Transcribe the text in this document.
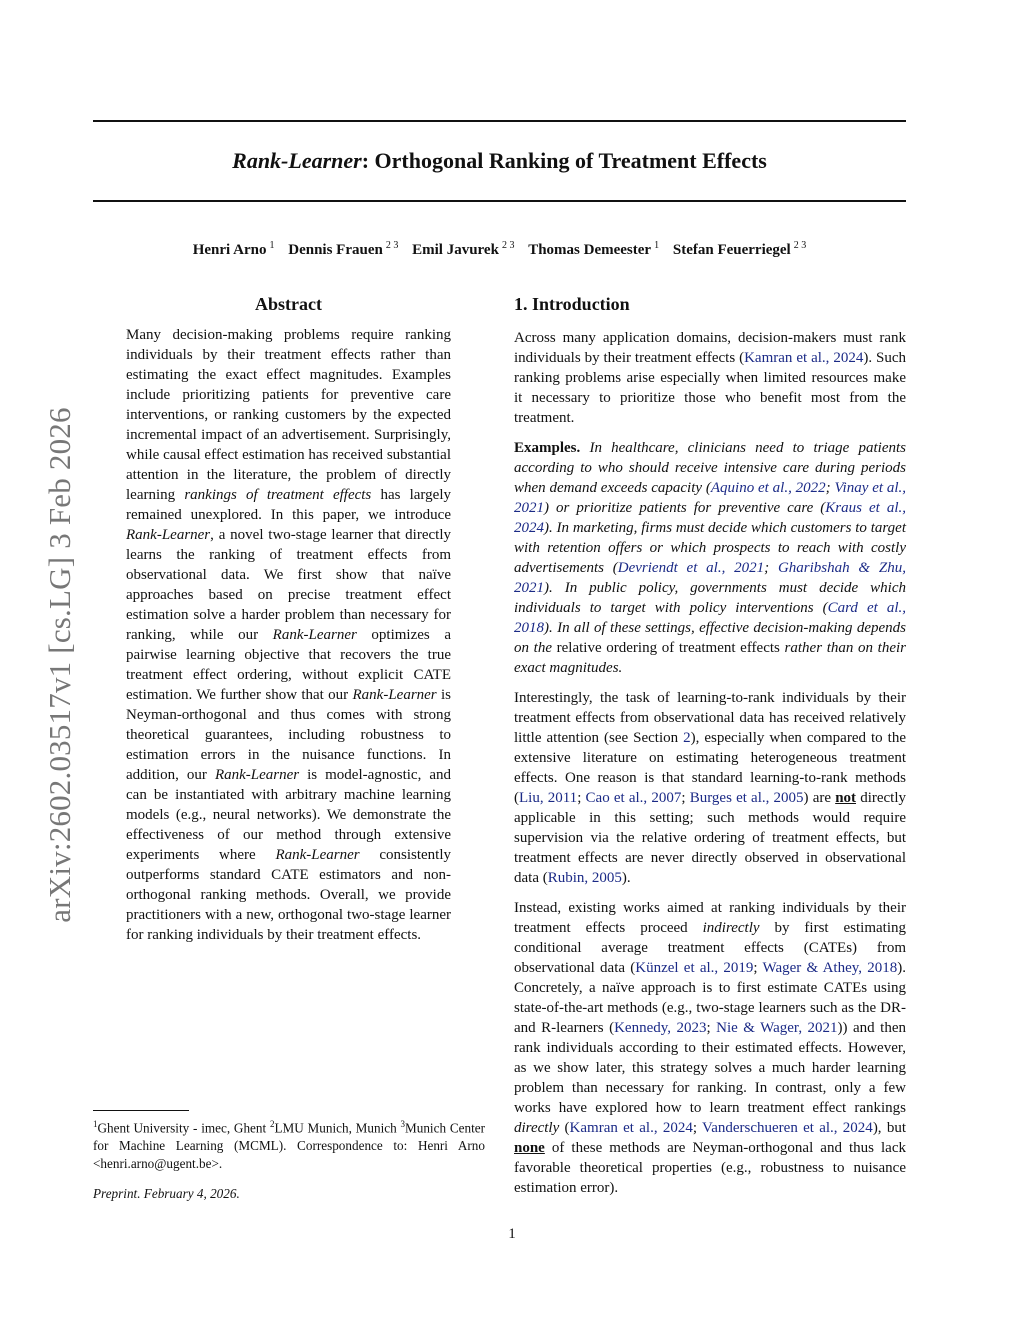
Rank-Learner: Orthogonal Ranking of Treatment Effects
Henri Arno  $^1$ Dennis Frauen  $^{2 3}$ Emil Javurek  $^{2 3}$ Thomas Demeester  $^1$ Stefan Feuerriegel  $^{2 3}$
arXiv:2602.03517v1 [cs.LG] 3 Feb 2026
Abstract

Many decision-making problems require ranking individuals by their treatment effects rather than estimating the exact effect magnitudes. Examples include prioritizing patients for preventive care interventions, or ranking customers by the expected incremental impact of an advertisement. Surprisingly, while causal effect estimation has received substantial attention in the literature, the problem of directly learning rankings of treatment effects has largely remained unexplored. In this paper, we introduce Rank-Learner, a novel two-stage learner that directly learns the ranking of treatment effects from observational data. We first show that naïve approaches based on precise treatment effect estimation solve a harder problem than necessary for ranking, while our Rank-Learner optimizes a pairwise learning objective that recovers the true treatment effect ordering, without explicit CATE estimation. We further show that our Rank-Learner is Neyman-orthogonal and thus comes with strong theoretical guarantees, including robustness to estimation errors in the nuisance functions. In addition, our Rank-Learner is model-agnostic, and can be instantiated with arbitrary machine learning models (e.g., neural networks). We demonstrate the effectiveness of our method through extensive experiments where Rank-Learner consistently outperforms standard CATE estimators and non-orthogonal ranking methods. Overall, we provide practitioners with a new, orthogonal two-stage learner for ranking individuals by their treatment effects.

$^1$Ghent University - imec, Ghent $^2$LMU Munich, Munich $^3$Munich Center for Machine Learning (MCML). Correspondence to: Henri Arno <henri.arno@ugent.be>.

Preprint. February 4, 2026.

1. Introduction

Across many application domains, decision-makers must rank individuals by their treatment effects (Kamran et al., 2024). Such ranking problems arise especially when limited resources make it necessary to prioritize those who benefit most from the treatment.

Examples. In healthcare, clinicians need to triage patients according to who should receive intensive care during periods when demand exceeds capacity (Aquino et al., 2022; Vinay et al., 2021) or prioritize patients for preventive care (Kraus et al., 2024). In marketing, firms must decide which customers to target with retention offers or which prospects to reach with costly advertisements (Devriendt et al., 2021; Gharibshah & Zhu, 2021). In public policy, governments must decide which individuals to target with policy interventions (Card et al., 2018). In all of these settings, effective decision-making depends on the relative ordering of treatment effects rather than on their exact magnitudes.

Interestingly, the task of learning-to-rank individuals by their treatment effects from observational data has received relatively little attention (see Section 2), especially when compared to the extensive literature on estimating heterogeneous treatment effects. One reason is that standard learning-to-rank methods (Liu, 2011; Cao et al., 2007; Burges et al., 2005) are not directly applicable in this setting; such methods would require supervision via the relative ordering of treatment effects, but treatment effects are never directly observed in observational data (Rubin, 2005).

Instead, existing works aimed at ranking individuals by their treatment effects proceed indirectly by first estimating conditional average treatment effects (CATEs) from observational data (Künzel et al., 2019; Wager & Athey, 2018). Concretely, a naïve approach is to first estimate CATEs using state-of-the-art methods (e.g., two-stage learners such as the DR- and R-learners (Kennedy, 2023; Nie & Wager, 2021)) and then rank individuals according to their estimated effects. However, as we show later, this strategy solves a much harder learning problem than necessary for ranking. In contrast, only a few works have explored how to learn treatment effect rankings directly (Kamran et al., 2024; Vanderschueren et al., 2024), but none of these methods are Neyman-orthogonal and thus lack favorable theoretical properties (e.g., robustness to nuisance estimation error).

1
